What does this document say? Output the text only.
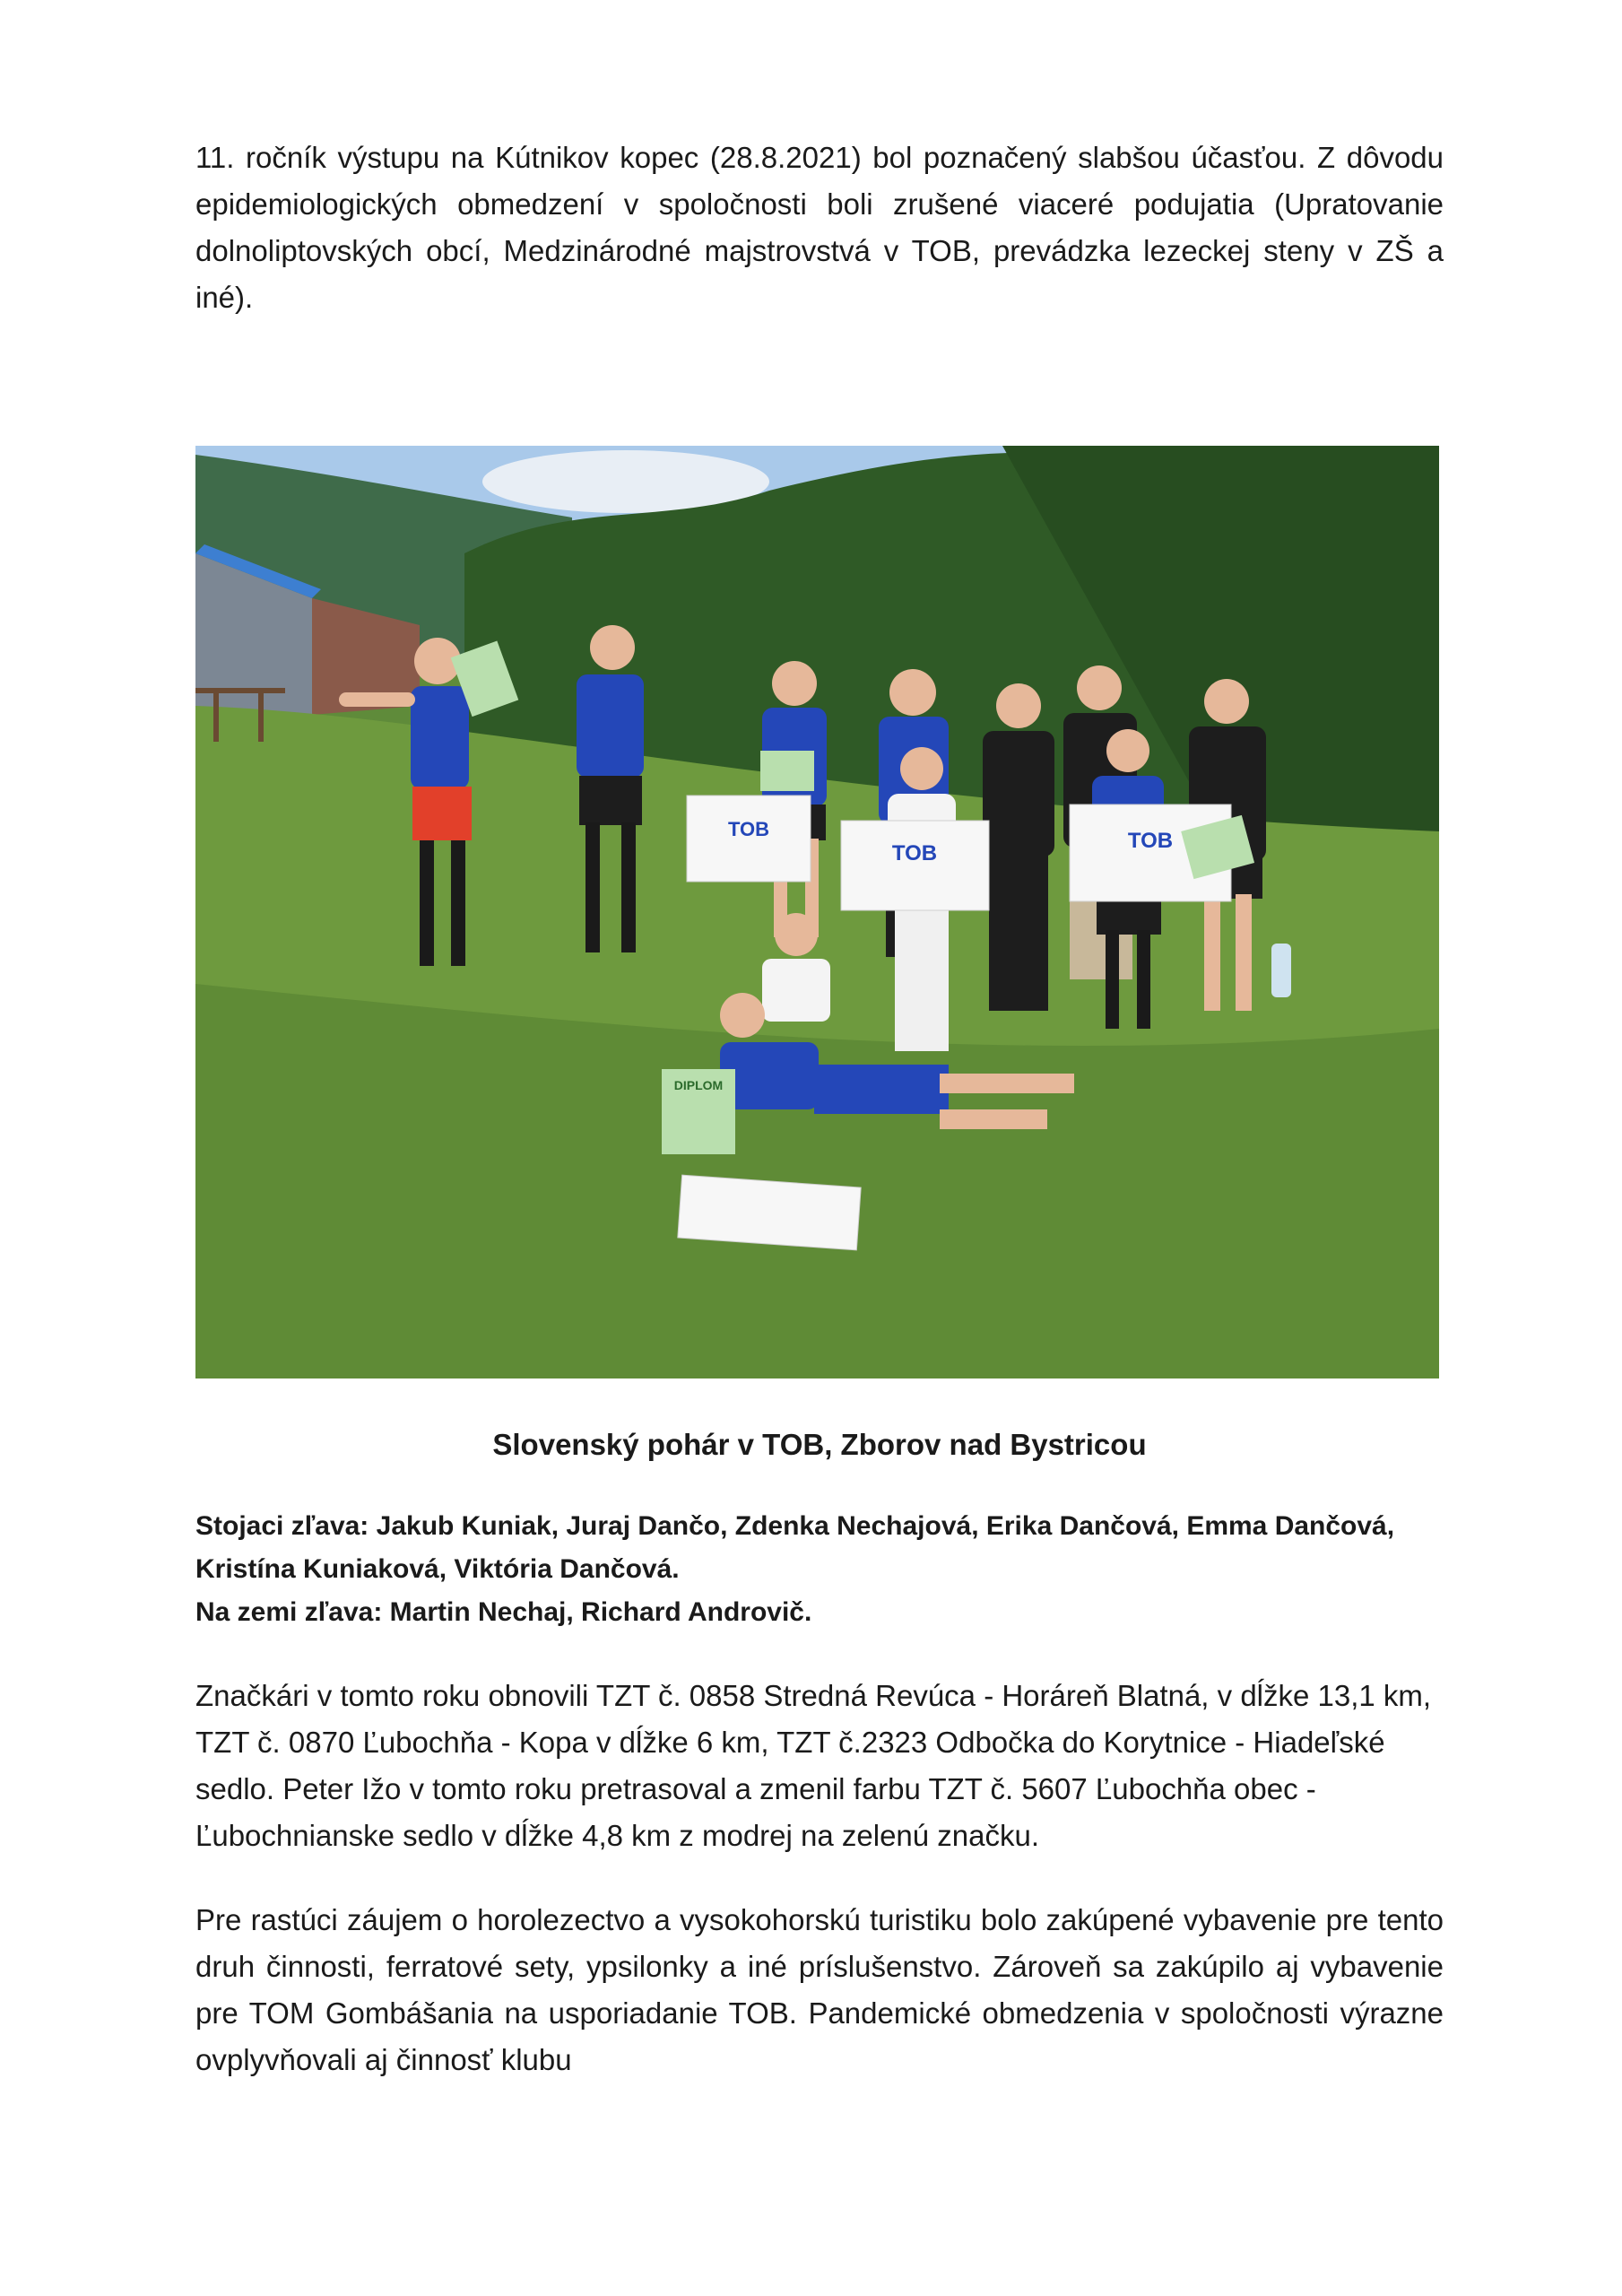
11. ročník výstupu na Kútnikov kopec (28.8.2021) bol poznačený slabšou účasťou. Z dôvodu epidemiologických obmedzení v spoločnosti boli zrušené viaceré podujatia (Upratovanie dolnoliptovských obcí, Medzinárodné majstrovstvá v TOB, prevádzka lezeckej steny v ZŠ a iné).

TOB
TOB
TOB
DIPLOM

Slovenský pohár v TOB, Zborov nad Bystricou

Stojaci zľava: Jakub Kuniak, Juraj Dančo, Zdenka Nechajová, Erika Dančová, Emma Dančová, Kristína Kuniaková, Viktória Dančová.
Na zemi zľava: Martin Nechaj, Richard Androvič.

Značkári v tomto roku obnovili TZT č. 0858 Stredná Revúca - Horáreň Blatná, v dĺžke 13,1 km, TZT č. 0870 Ľubochňa - Kopa v dĺžke 6 km, TZT č.2323 Odbočka do Korytnice - Hiadeľské sedlo. Peter Ižo v tomto roku pretrasoval a zmenil farbu TZT č. 5607 Ľubochňa obec - Ľubochnianske sedlo v dĺžke 4,8 km z modrej na zelenú značku.

Pre rastúci záujem o horolezectvo a vysokohorskú turistiku bolo zakúpené vybavenie pre tento druh činnosti, ferratové sety, ypsilonky a iné príslušenstvo. Zároveň sa zakúpilo aj vybavenie pre TOM Gombášania na usporiadanie TOB. Pandemické obmedzenia v spoločnosti výrazne ovplyvňovali aj činnosť klubu
